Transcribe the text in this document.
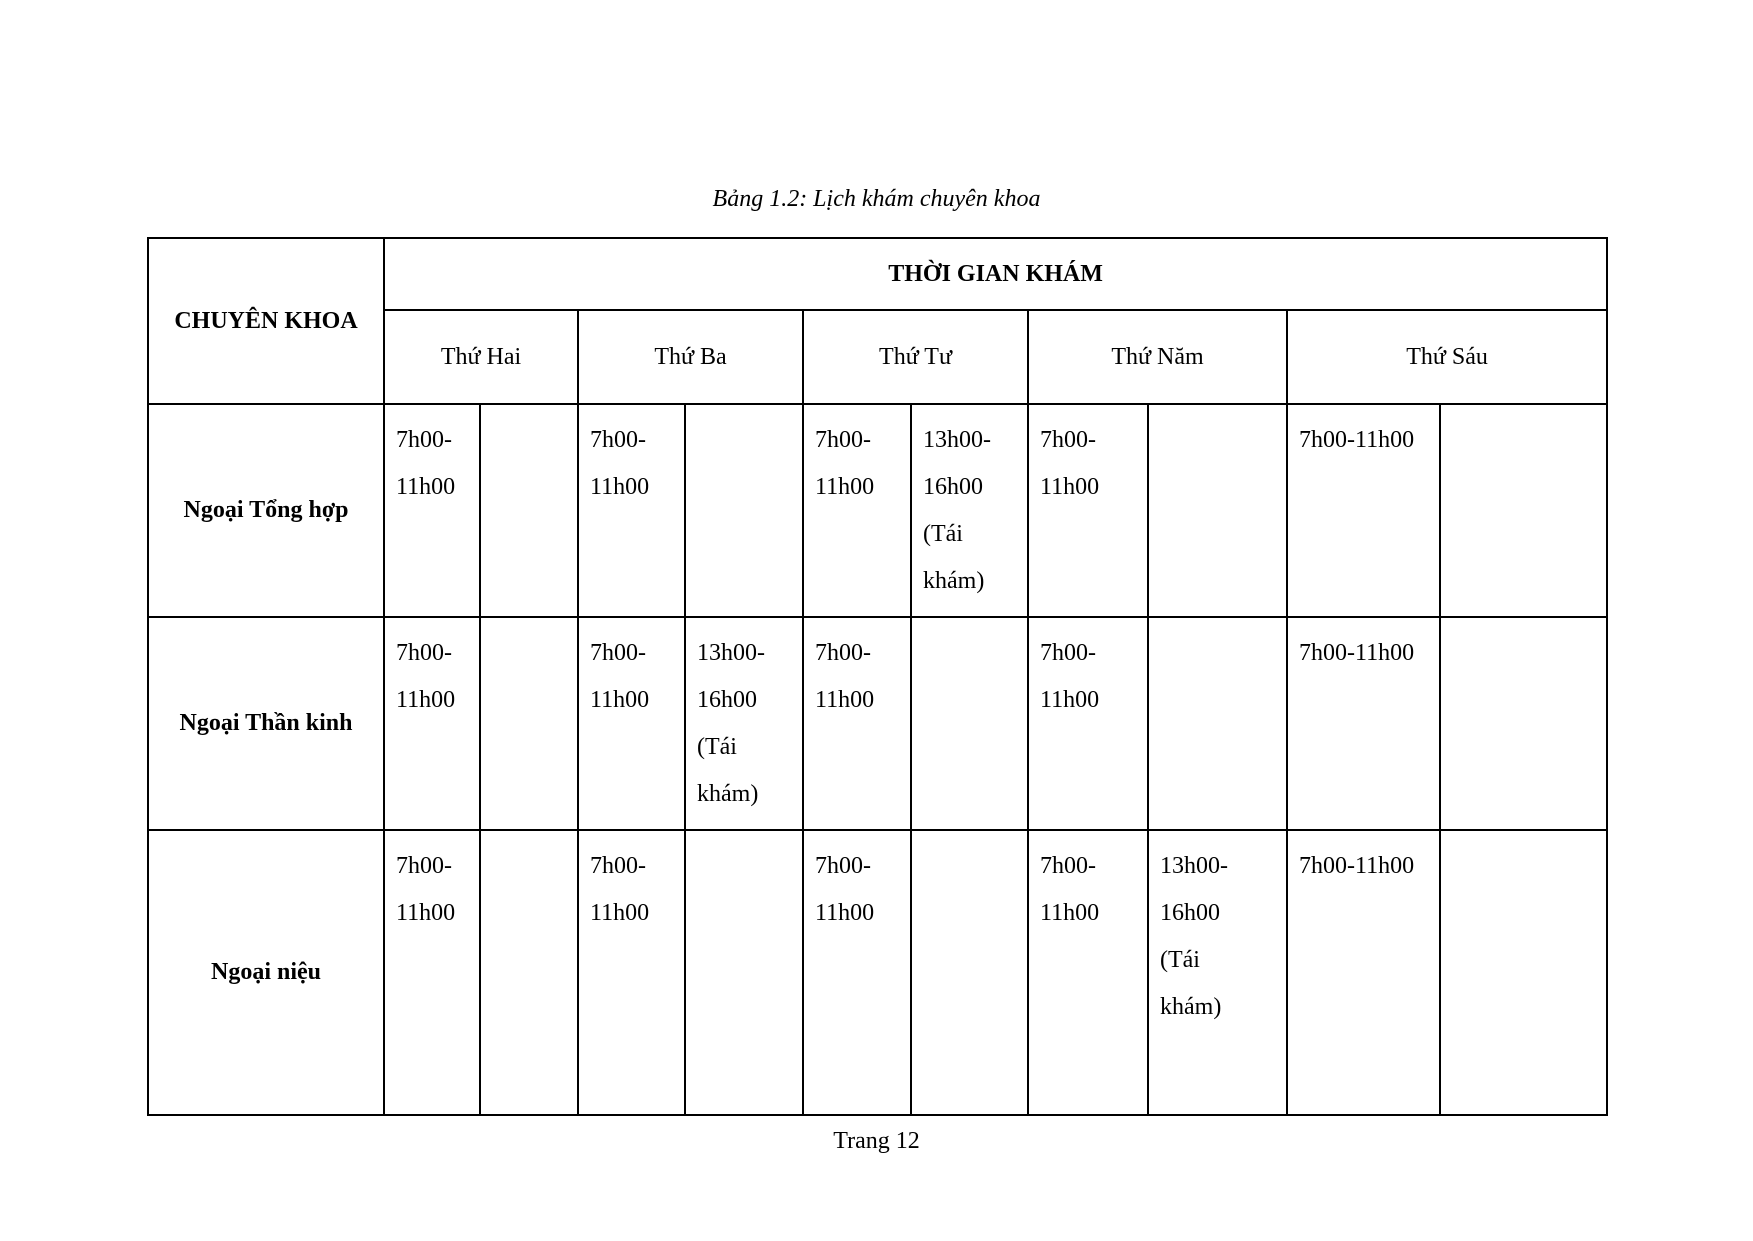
Bảng 1.2: Lịch khám chuyên khoa
CHUYÊN KHOA	THỜI GIAN KHÁM									
	Thứ Hai		Thứ Ba		Thứ Tư		Thứ Năm		Thứ Sáu	
Ngoại Tổng hợp	7h00-
11h00		7h00-
11h00		7h00-
11h00	13h00-
16h00
(Tái
khám)	7h00-
11h00		7h00-11h00	

Ngoại Thần kinh	7h00-
11h00		7h00-
11h00	13h00-
16h00
(Tái
khám)	7h00-
11h00		7h00-
11h00		7h00-11h00	

Ngoại niệu	7h00-
11h00		7h00-
11h00		7h00-
11h00		7h00-
11h00	13h00-
16h00
(Tái
khám)	7h00-11h00	

Trang 12
